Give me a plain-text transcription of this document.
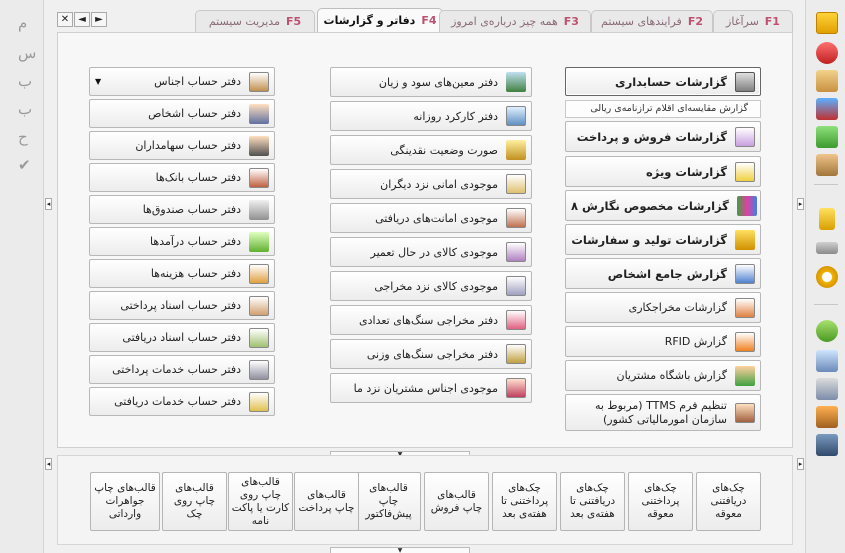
م
س
ب
ب
ح
✔
◂
◂
▸
▸
✕ ◄ ►	مدیریت سیستم F5 دفاتر و گزارشات F4 همه چیز درباره‌ی امروز F3 فرایندهای سیستم F2 سرآغاز F1
گزارشات حسابداری
گزارش مقایسه‌ای اقلام ترازنامه‌ی ریالی
گزارشات فروش و پرداخت
گزارشات ویژه
گزارشات مخصوص نگارش ۸
گزارشات تولید و سفارشات
گزارش جامع اشخاص
گزارشات مخراجکاری
گزارش RFID
گزارش باشگاه مشتریان
تنظیم فرم TTMS (مربوط به سازمان امورمالیاتی کشور)
دفتر معین‌های سود و زیان
دفتر کارکرد روزانه
صورت وضعیت نقدینگی
موجودی امانی نزد دیگران
موجودی امانت‌های دریافتی
موجودی کالای در حال تعمیر
موجودی کالای نزد مخراجی
دفتر مخراجی سنگ‌های تعدادی
دفتر مخراجی سنگ‌های وزنی
موجودی اجناس مشتریان نزد ما
▼	دفتر حساب اجناس
دفتر حساب اشخاص
دفتر حساب سهامداران
دفتر حساب بانک‌ها
دفتر حساب صندوق‌ها
دفتر حساب درآمدها
دفتر حساب هزینه‌ها
دفتر حساب اسناد پرداختی
دفتر حساب اسناد دریافتی
دفتر حساب خدمات پرداختی
دفتر حساب خدمات دریافتی
چک‌های دریافتنی معوقه
چک‌های پرداختنی معوقه
چک‌های دریافتنی تا هفته‌ی بعد
چک‌های پرداختنی تا هفته‌ی بعد
قالب‌های چاپ فروش
قالب‌های چاپ پیش‌فاکتور
قالب‌های چاپ پرداخت
قالب‌های چاپ روی کارت یا پاکت نامه
قالب‌های چاپ روی چک
قالب‌های چاپ جواهرات وارداتی
▼
